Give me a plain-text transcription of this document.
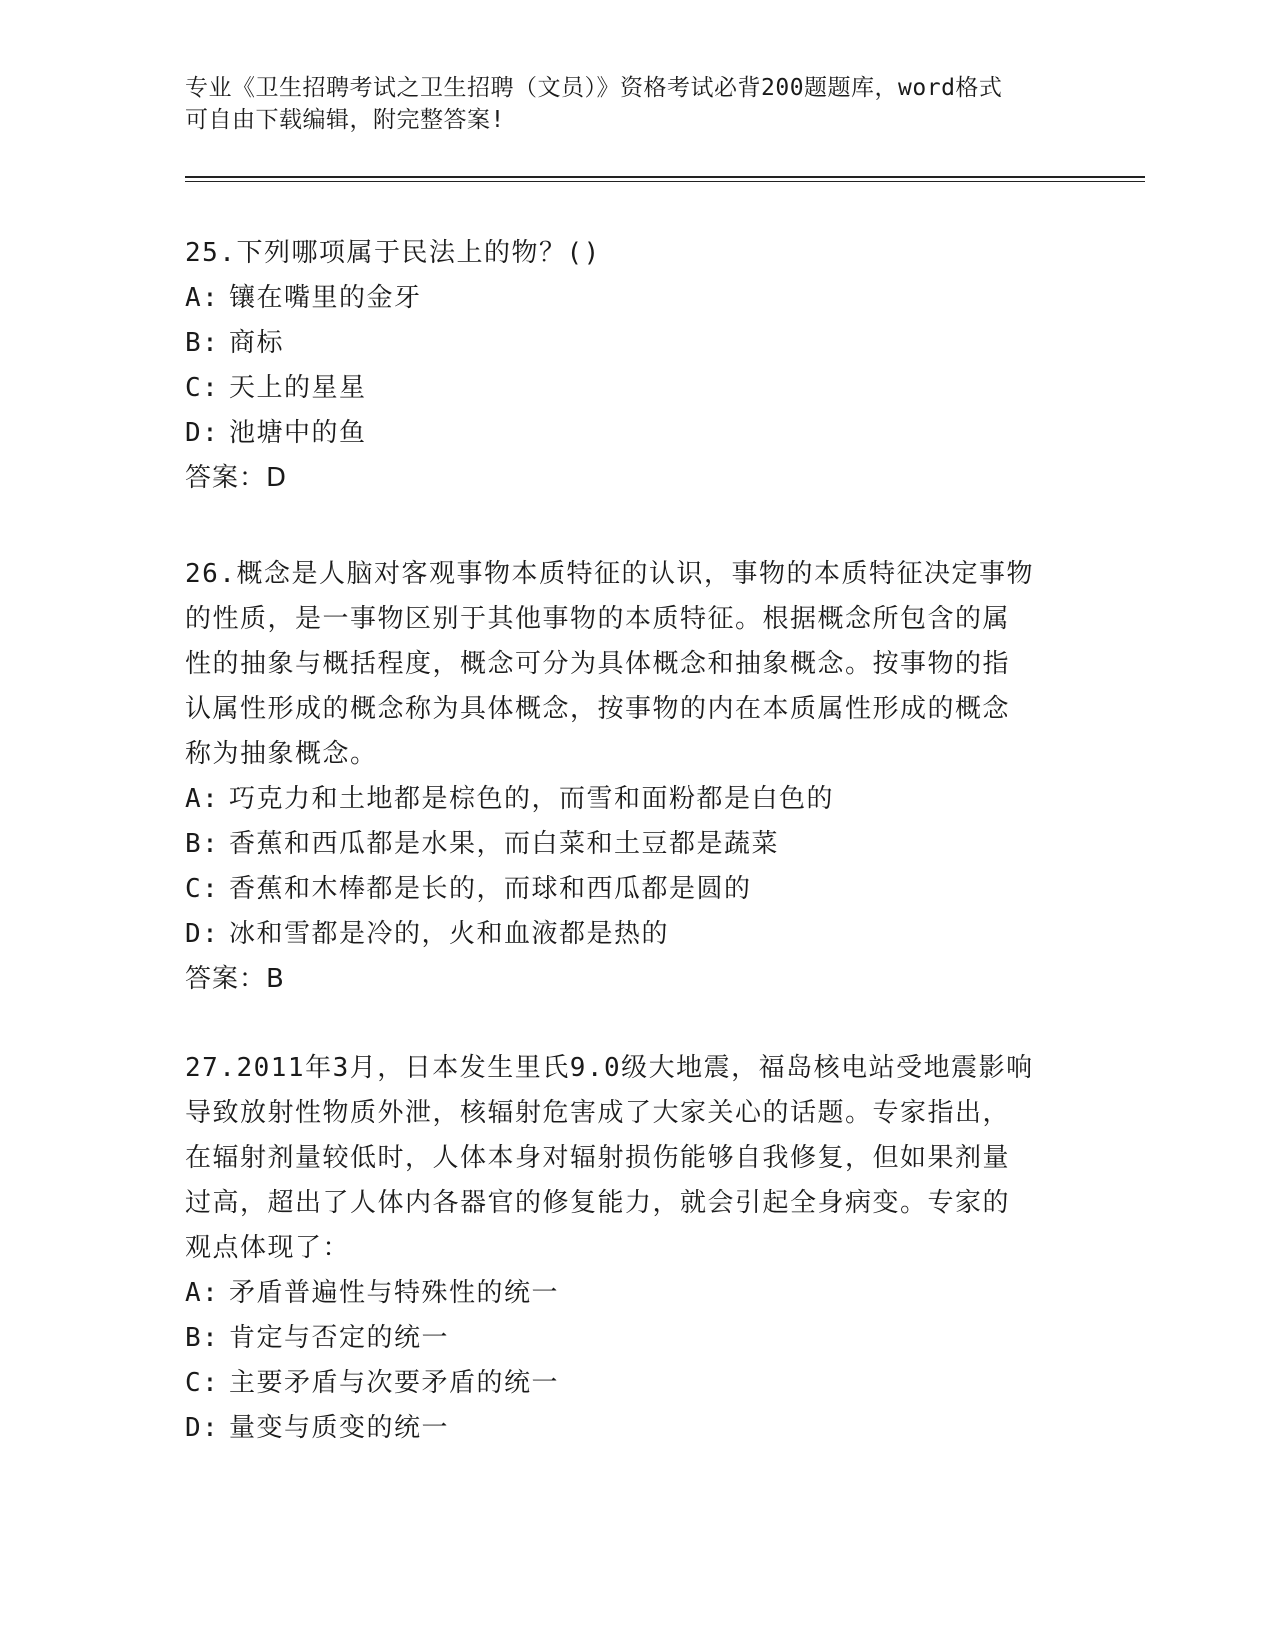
专业《卫生招聘考试之卫生招聘（文员）》资格考试必背200题题库，word格式
可自由下载编辑，附完整答案!

25.下列哪项属于民法上的物？()

A: 镶在嘴里的金牙

B: 商标

C: 天上的星星

D: 池塘中的鱼

答案：D

26.概念是人脑对客观事物本质特征的认识，事物的本质特征决定事物

的性质，是一事物区别于其他事物的本质特征。根据概念所包含的属

性的抽象与概括程度，概念可分为具体概念和抽象概念。按事物的指

认属性形成的概念称为具体概念，按事物的内在本质属性形成的概念

称为抽象概念。

A: 巧克力和土地都是棕色的，而雪和面粉都是白色的

B: 香蕉和西瓜都是水果，而白菜和土豆都是蔬菜

C: 香蕉和木棒都是长的，而球和西瓜都是圆的

D: 冰和雪都是冷的，火和血液都是热的

答案：B

27.2011年3月，日本发生里氏9.0级大地震，福岛核电站受地震影响

导致放射性物质外泄，核辐射危害成了大家关心的话题。专家指出，

在辐射剂量较低时，人体本身对辐射损伤能够自我修复，但如果剂量

过高，超出了人体内各器官的修复能力，就会引起全身病变。专家的

观点体现了：

A: 矛盾普遍性与特殊性的统一

B: 肯定与否定的统一

C: 主要矛盾与次要矛盾的统一

D: 量变与质变的统一
